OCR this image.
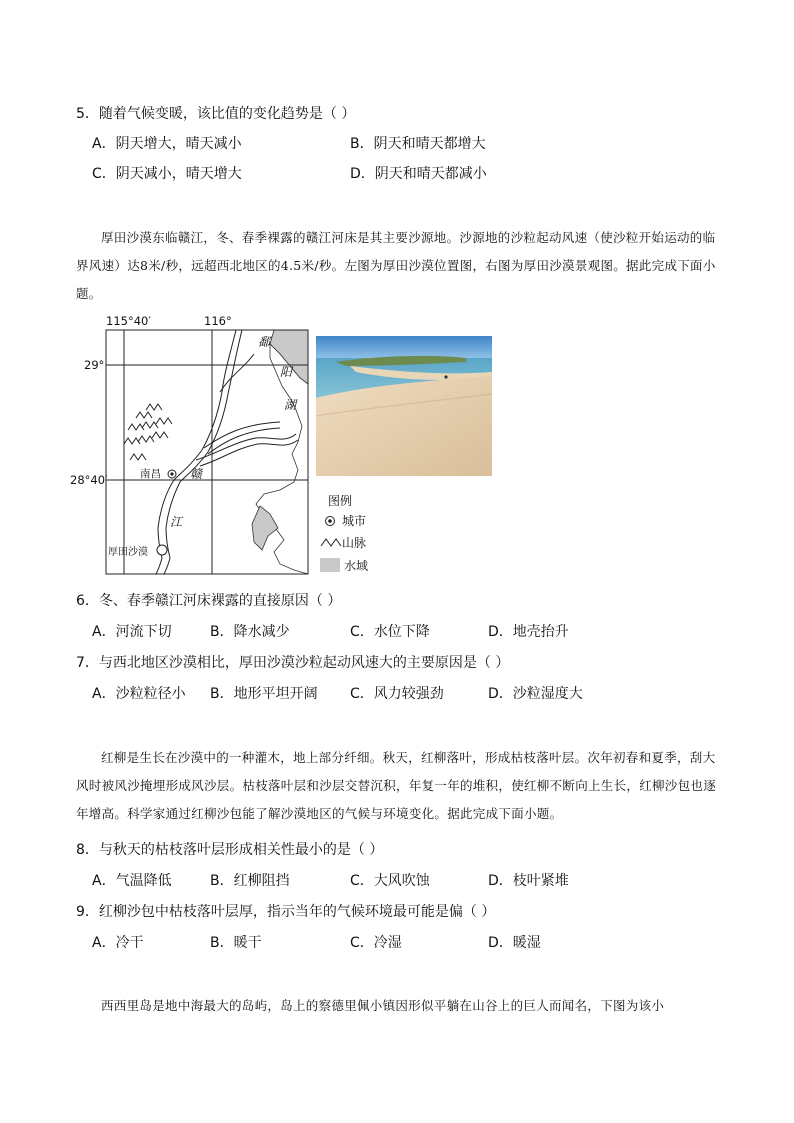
5．随着气候变暖，该比值的变化趋势是（ ）
A．阴天增大，晴天减小	B．阴天和晴天都增大
C．阴天减小，晴天增大	D．阴天和晴天都减小

厚田沙漠东临赣江，冬、春季裸露的赣江河床是其主要沙源地。沙源地的沙粒起动风速（使沙粒开始运动的临界风速）达8米/秒，远超西北地区的4.5米/秒。左图为厚田沙漠位置图，右图为厚田沙漠景观图。据此完成下面小题。

115°40′	116°
29°
28°40′
鄱
阳
湖
南昌 赣
江
厚田沙漠
图例
城市
山脉
水域
6．冬、春季赣江河床裸露的直接原因（ ）
A．河流下切	B．降水减少	C．水位下降	D．地壳抬升
7．与西北地区沙漠相比，厚田沙漠沙粒起动风速大的主要原因是（ ）
A．沙粒粒径小 B．地形平坦开阔 C．风力较强劲	D．沙粒湿度大

红柳是生长在沙漠中的一种灌木，地上部分纤细。秋天，红柳落叶，形成枯枝落叶层。次年初春和夏季，刮大风时被风沙掩埋形成风沙层。枯枝落叶层和沙层交替沉积，年复一年的堆积，使红柳不断向上生长，红柳沙包也逐年增高。科学家通过红柳沙包能了解沙漠地区的气候与环境变化。据此完成下面小题。

8．与秋天的枯枝落叶层形成相关性最小的是（ ）
A．气温降低	B．红柳阻挡	C．大风吹蚀	D．枝叶紧堆
9．红柳沙包中枯枝落叶层厚，指示当年的气候环境最可能是偏（ ）
A．冷干	B．暖干	C．冷湿	D．暖湿

西西里岛是地中海最大的岛屿，岛上的察德里佩小镇因形似平躺在山谷上的巨人而闻名，下图为该小
